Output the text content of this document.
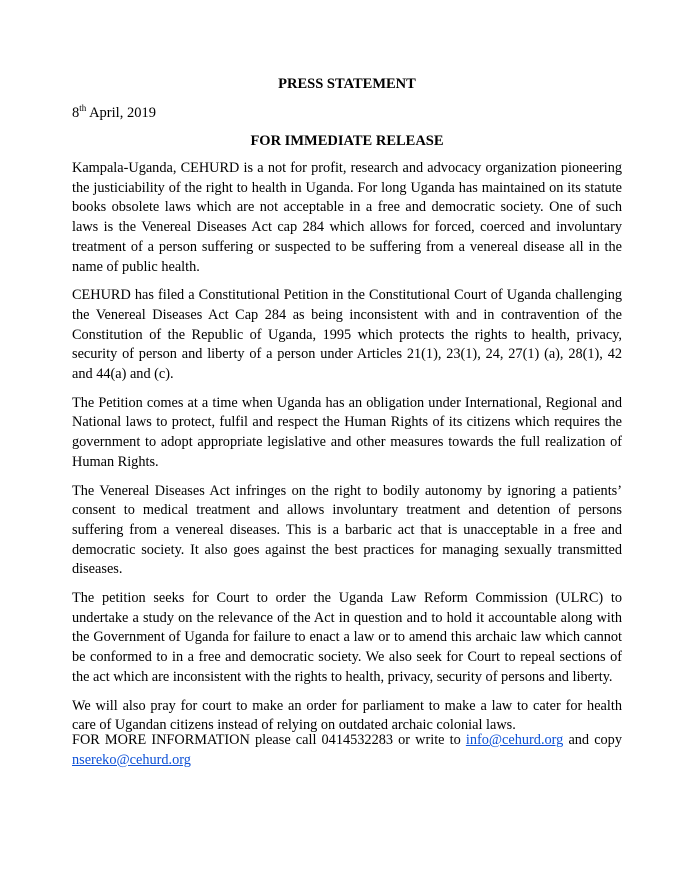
PRESS STATEMENT
8th April, 2019
FOR IMMEDIATE RELEASE

Kampala-Uganda, CEHURD is a not for profit, research and advocacy organization pioneering the justiciability of the right to health in Uganda. For long Uganda has maintained on its statute books obsolete laws which are not acceptable in a free and democratic society. One of such laws is the Venereal Diseases Act cap 284 which allows for forced, coerced and involuntary treatment of a person suffering or suspected to be suffering from a venereal disease all in the name of public health.

CEHURD has filed a Constitutional Petition in the Constitutional Court of Uganda challenging the Venereal Diseases Act Cap 284 as being inconsistent with and in contravention of the Constitution of the Republic of Uganda, 1995 which protects the rights to health, privacy, security of person and liberty of a person under Articles 21(1), 23(1), 24, 27(1) (a), 28(1), 42 and 44(a) and (c).

The Petition comes at a time when Uganda has an obligation under International, Regional and National laws to protect, fulfil and respect the Human Rights of its citizens which requires the government to adopt appropriate legislative and other measures towards the full realization of Human Rights.

The Venereal Diseases Act infringes on the right to bodily autonomy by ignoring a patients’ consent to medical treatment and allows involuntary treatment and detention of persons suffering from a venereal diseases. This is a barbaric act that is unacceptable in a free and democratic society. It also goes against the best practices for managing sexually transmitted diseases.

The petition seeks for Court to order the Uganda Law Reform Commission (ULRC) to undertake a study on the relevance of the Act in question and to hold it accountable along with the Government of Uganda for failure to enact a law or to amend this archaic law which cannot be conformed to in a free and democratic society. We also seek for Court to repeal sections of the act which are inconsistent with the rights to health, privacy, security of persons and liberty.

We will also pray for court to make an order for parliament to make a law to cater for health care of Ugandan citizens instead of relying on outdated archaic colonial laws.

FOR MORE INFORMATION please call 0414532283 or write to info@cehurd.org and copy nsereko@cehurd.org
